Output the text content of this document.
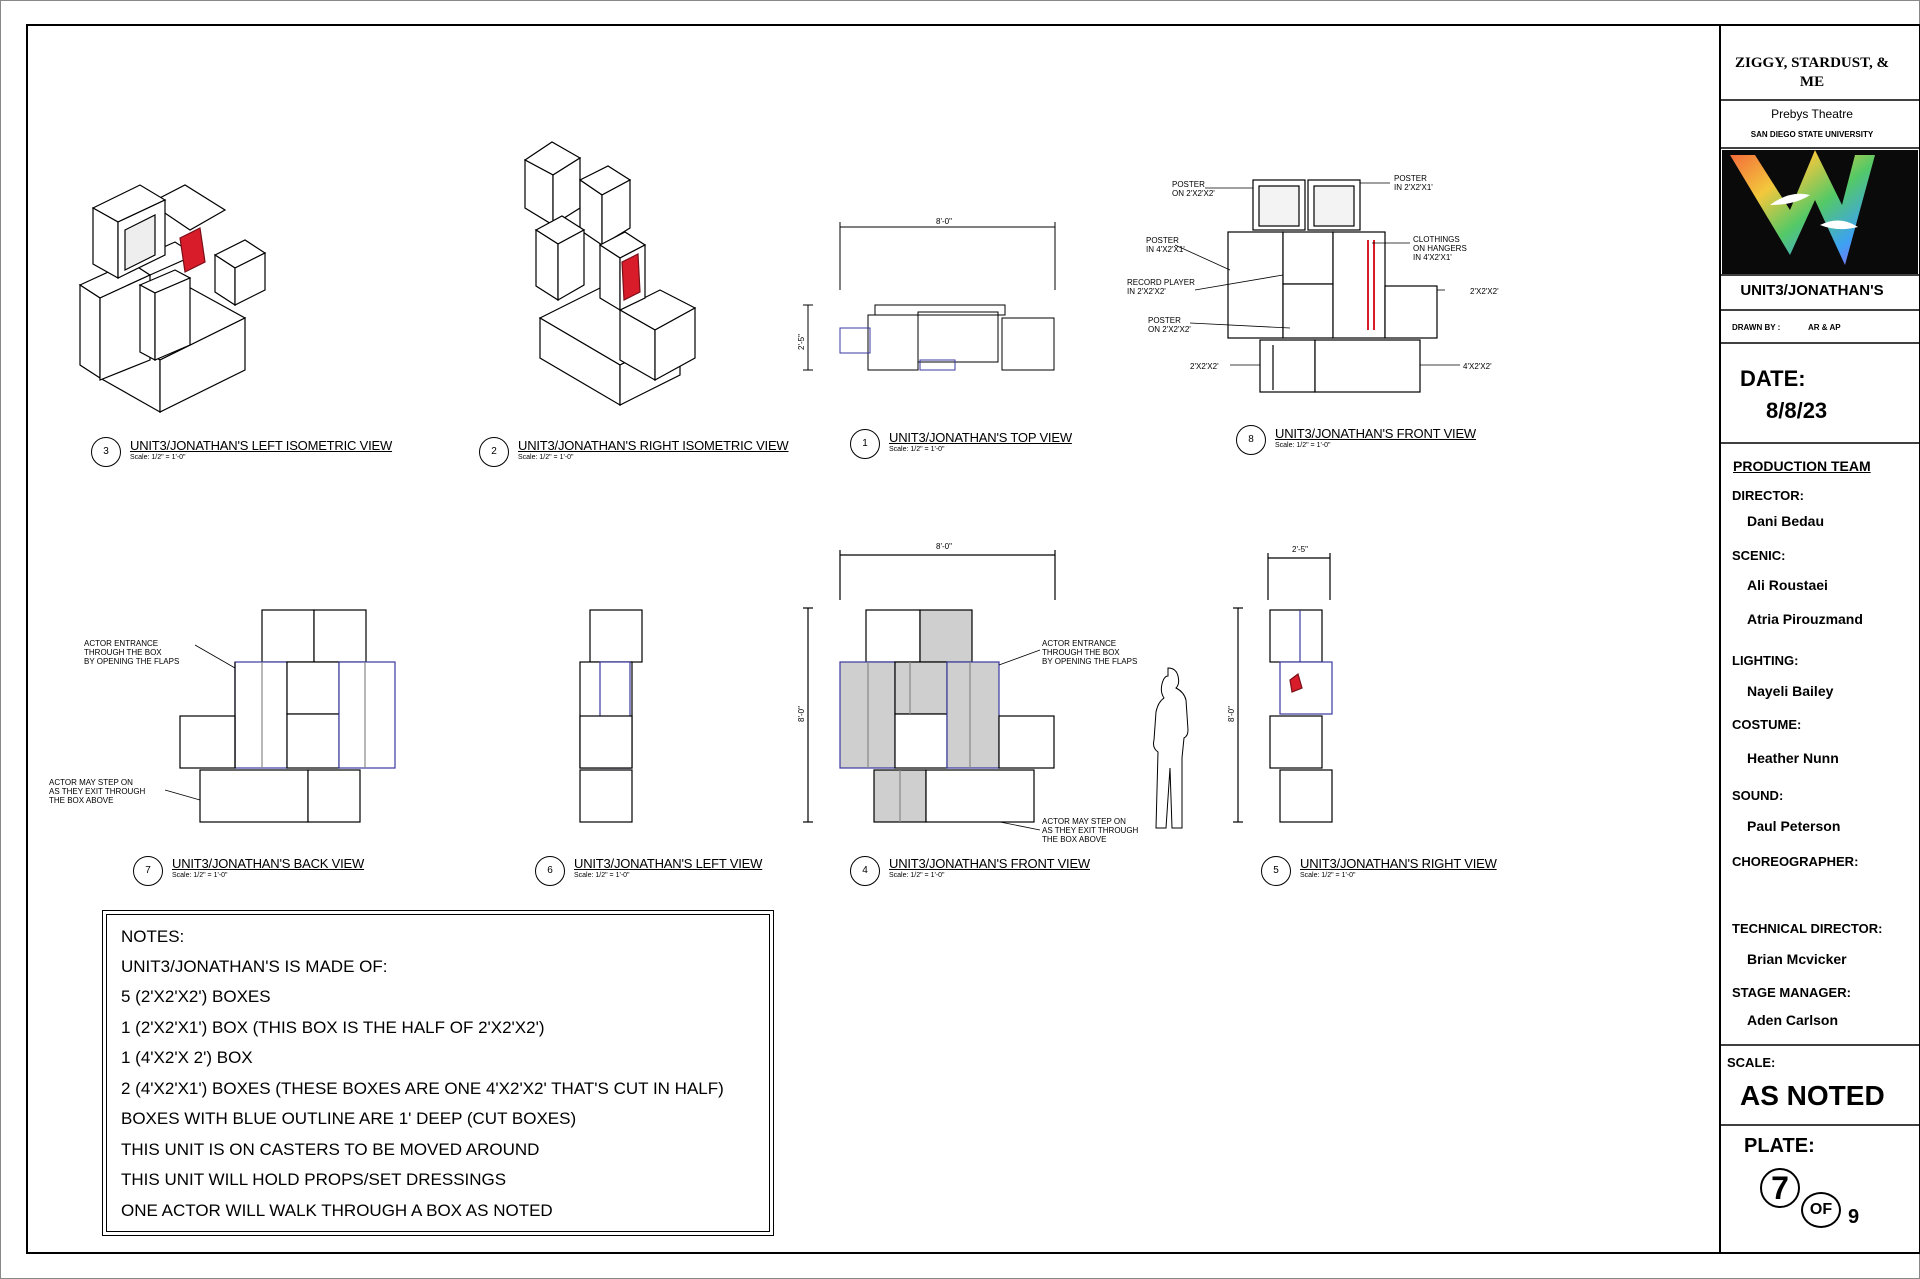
ZIGGY, STARDUST, & ME
Prebys Theatre
SAN DIEGO STATE UNIVERSITY
UNIT3/JONATHAN'S
DRAWN BY :	AR & AP
DATE:
8/8/23
PRODUCTION TEAM
DIRECTOR:
Dani Bedau
SCENIC:
Ali Roustaei
Atria Pirouzmand
LIGHTING:
Nayeli Bailey
COSTUME:
Heather Nunn
SOUND:
Paul Peterson
CHOREOGRAPHER:
TECHNICAL DIRECTOR:
Brian Mcvicker
STAGE MANAGER:
Aden Carlson
SCALE:
AS NOTED
PLATE:
7
OF 9
3	UNIT3/JONATHAN'S LEFT ISOMETRIC VIEW
Scale: 1/2" = 1'-0"
2	UNIT3/JONATHAN'S RIGHT ISOMETRIC VIEW
Scale: 1/2" = 1'-0"
1	UNIT3/JONATHAN'S TOP VIEW
Scale: 1/2" = 1'-0"
8	UNIT3/JONATHAN'S FRONT VIEW
Scale: 1/2" = 1'-0"
7	UNIT3/JONATHAN'S BACK VIEW
Scale: 1/2" = 1'-0"	6	UNIT3/JONATHAN'S LEFT VIEW
Scale: 1/2" = 1'-0"	4	UNIT3/JONATHAN'S FRONT VIEW
Scale: 1/2" = 1'-0"	5	UNIT3/JONATHAN'S RIGHT VIEW
Scale: 1/2" = 1'-0"
8'-0"
2'-5"
8'-0"
8'-0"
2'-5"
8'-0"
POSTER
ON 2'X2'X2'
POSTER
IN 2'X2'X1'
POSTER
IN 4'X2'X1'
RECORD PLAYER
IN 2'X2'X2'
POSTER
ON 2'X2'X2'
CLOTHINGS
ON HANGERS
IN 4'X2'X1'
2'X2'X2'
2'X2'X2'	4'X2'X2'
ACTOR ENTRANCE
THROUGH THE BOX
BY OPENING THE FLAPS
ACTOR MAY STEP ON
AS THEY EXIT THROUGH
THE BOX ABOVE
ACTOR ENTRANCE
THROUGH THE BOX
BY OPENING THE FLAPS
ACTOR MAY STEP ON
AS THEY EXIT THROUGH
THE BOX ABOVE
NOTES:
UNIT3/JONATHAN'S IS MADE OF:
5 (2'X2'X2') BOXES
1 (2'X2'X1') BOX (THIS BOX IS THE HALF OF 2'X2'X2')
1 (4'X2'X 2') BOX
2 (4'X2'X1') BOXES (THESE BOXES ARE ONE 4'X2'X2' THAT'S CUT IN HALF)
BOXES WITH BLUE OUTLINE ARE 1' DEEP (CUT BOXES)
THIS UNIT IS ON CASTERS TO BE MOVED AROUND
THIS UNIT WILL HOLD PROPS/SET DRESSINGS
ONE ACTOR WILL WALK THROUGH A BOX AS NOTED
